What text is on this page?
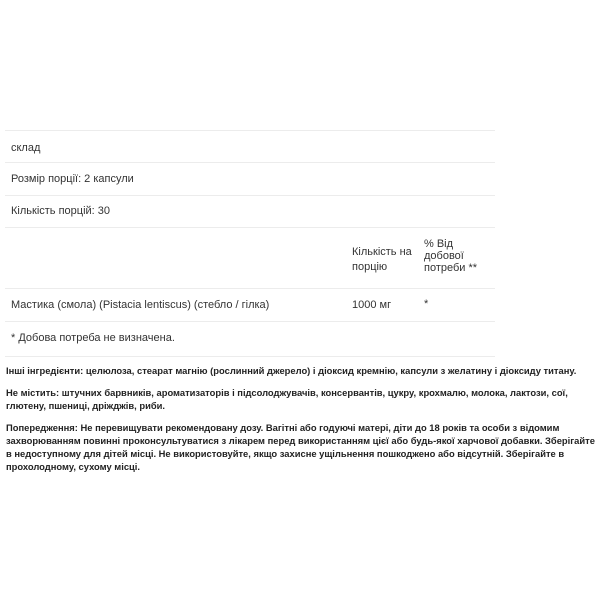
склад
Розмір порції: 2 капсули
Кількість порцій: 30
Кількість на порцію
% Від добової потреби **
Мастика (смола) (Pistacia lentiscus) (стебло / гілка)	1000 мг	*
* Добова потреба не визначена.

Інші інгредієнти: целюлоза, стеарат магнію (рослинний джерело) і діоксид кремнію, капсули з желатину і діоксиду титану.

Не містить: штучних барвників, ароматизаторів і підсолоджувачів, консервантів, цукру, крохмалю, молока, лактози, сої, глютену, пшениці, дріжджів, риби.

Попередження: Не перевищувати рекомендовану дозу. Вагітні або годуючі матері, діти до 18 років та особи з відомим захворюванням повинні проконсультуватися з лікарем перед використанням цієї або будь-якої харчової добавки. Зберігайте в недоступному для дітей місці. Не використовуйте, якщо захисне ущільнення пошкоджено або відсутній. Зберігайте в прохолодному, сухому місці.
